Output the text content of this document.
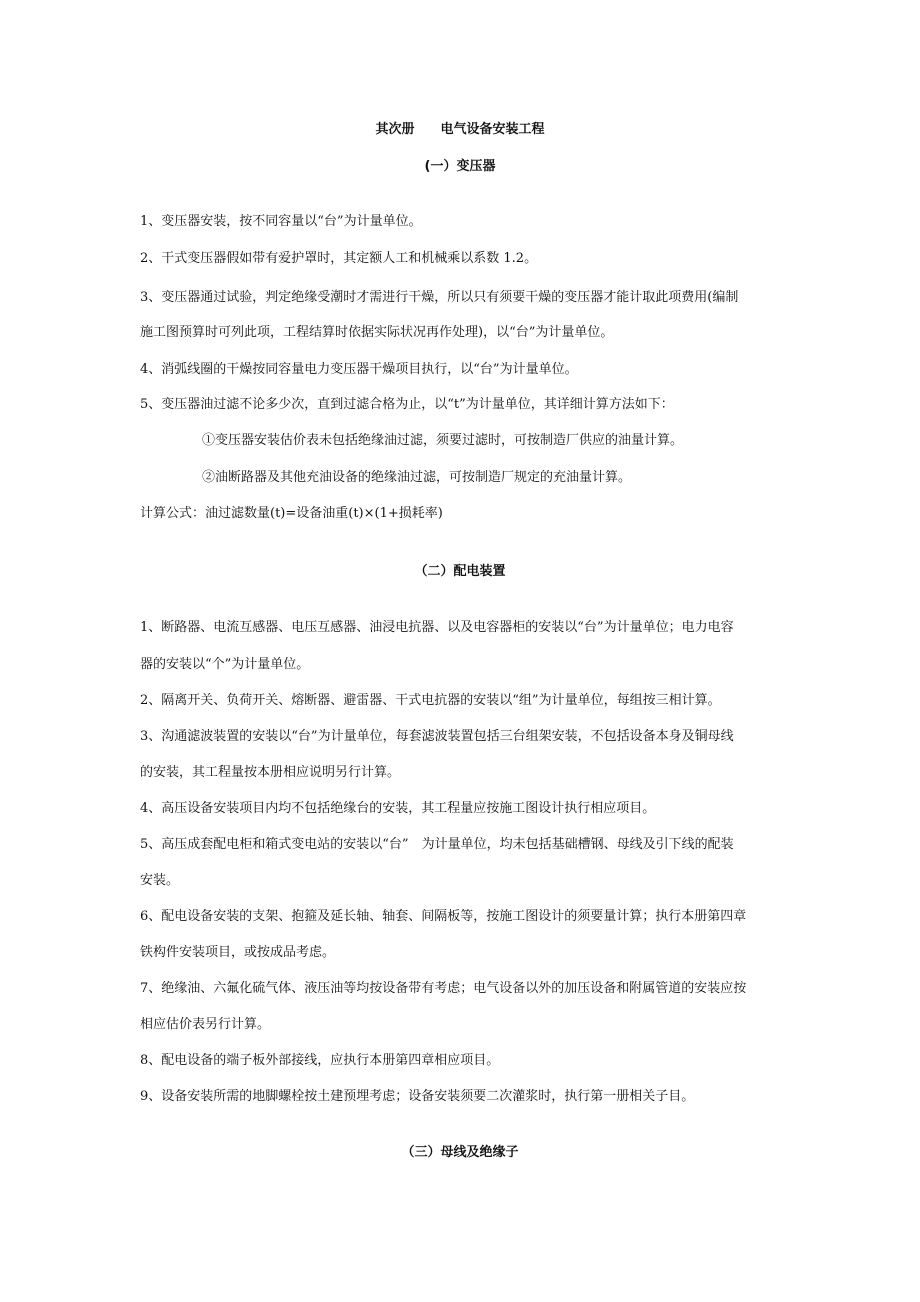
其次册　　电气设备安装工程
(一）变压器
1、变压器安装，按不同容量以“台”为计量单位。
2、干式变压器假如带有爱护罩时，其定额人工和机械乘以系数 1.2。
3、变压器通过试验，判定绝缘受潮时才需进行干燥，所以只有须要干燥的变压器才能计取此项费用(编制
施工图预算时可列此项，工程结算时依据实际状况再作处理)，以“台”为计量单位。
4、消弧线圈的干燥按同容量电力变压器干燥项目执行，以“台”为计量单位。
5、变压器油过滤不论多少次，直到过滤合格为止，以“t”为计量单位，其详细计算方法如下：
①变压器安装估价表未包括绝缘油过滤，须要过滤时，可按制造厂供应的油量计算。
②油断路器及其他充油设备的绝缘油过滤，可按制造厂规定的充油量计算。
计算公式：油过滤数量(t)=设备油重(t)×(1+损耗率)
（二）配电装置
1、断路器、电流互感器、电压互感器、油浸电抗器、以及电容器柜的安装以“台”为计量单位；电力电容
器的安装以“个”为计量单位。
2、隔离开关、负荷开关、熔断器、避雷器、干式电抗器的安装以“组”为计量单位，每组按三相计算。
3、沟通滤波装置的安装以“台”为计量单位，每套滤波装置包括三台组架安装，不包括设备本身及铜母线
的安装，其工程量按本册相应说明另行计算。
4、高压设备安装项目内均不包括绝缘台的安装，其工程量应按施工图设计执行相应项目。
5、高压成套配电柜和箱式变电站的安装以“台”　为计量单位，均未包括基础槽钢、母线及引下线的配装
安装。
6、配电设备安装的支架、抱箍及延长轴、轴套、间隔板等，按施工图设计的须要量计算；执行本册第四章
铁构件安装项目，或按成品考虑。
7、绝缘油、六氟化硫气体、液压油等均按设备带有考虑；电气设备以外的加压设备和附属管道的安装应按
相应估价表另行计算。
8、配电设备的端子板外部接线，应执行本册第四章相应项目。
9、设备安装所需的地脚螺栓按土建预埋考虑；设备安装须要二次灌浆时，执行第一册相关子目。
（三）母线及绝缘子
